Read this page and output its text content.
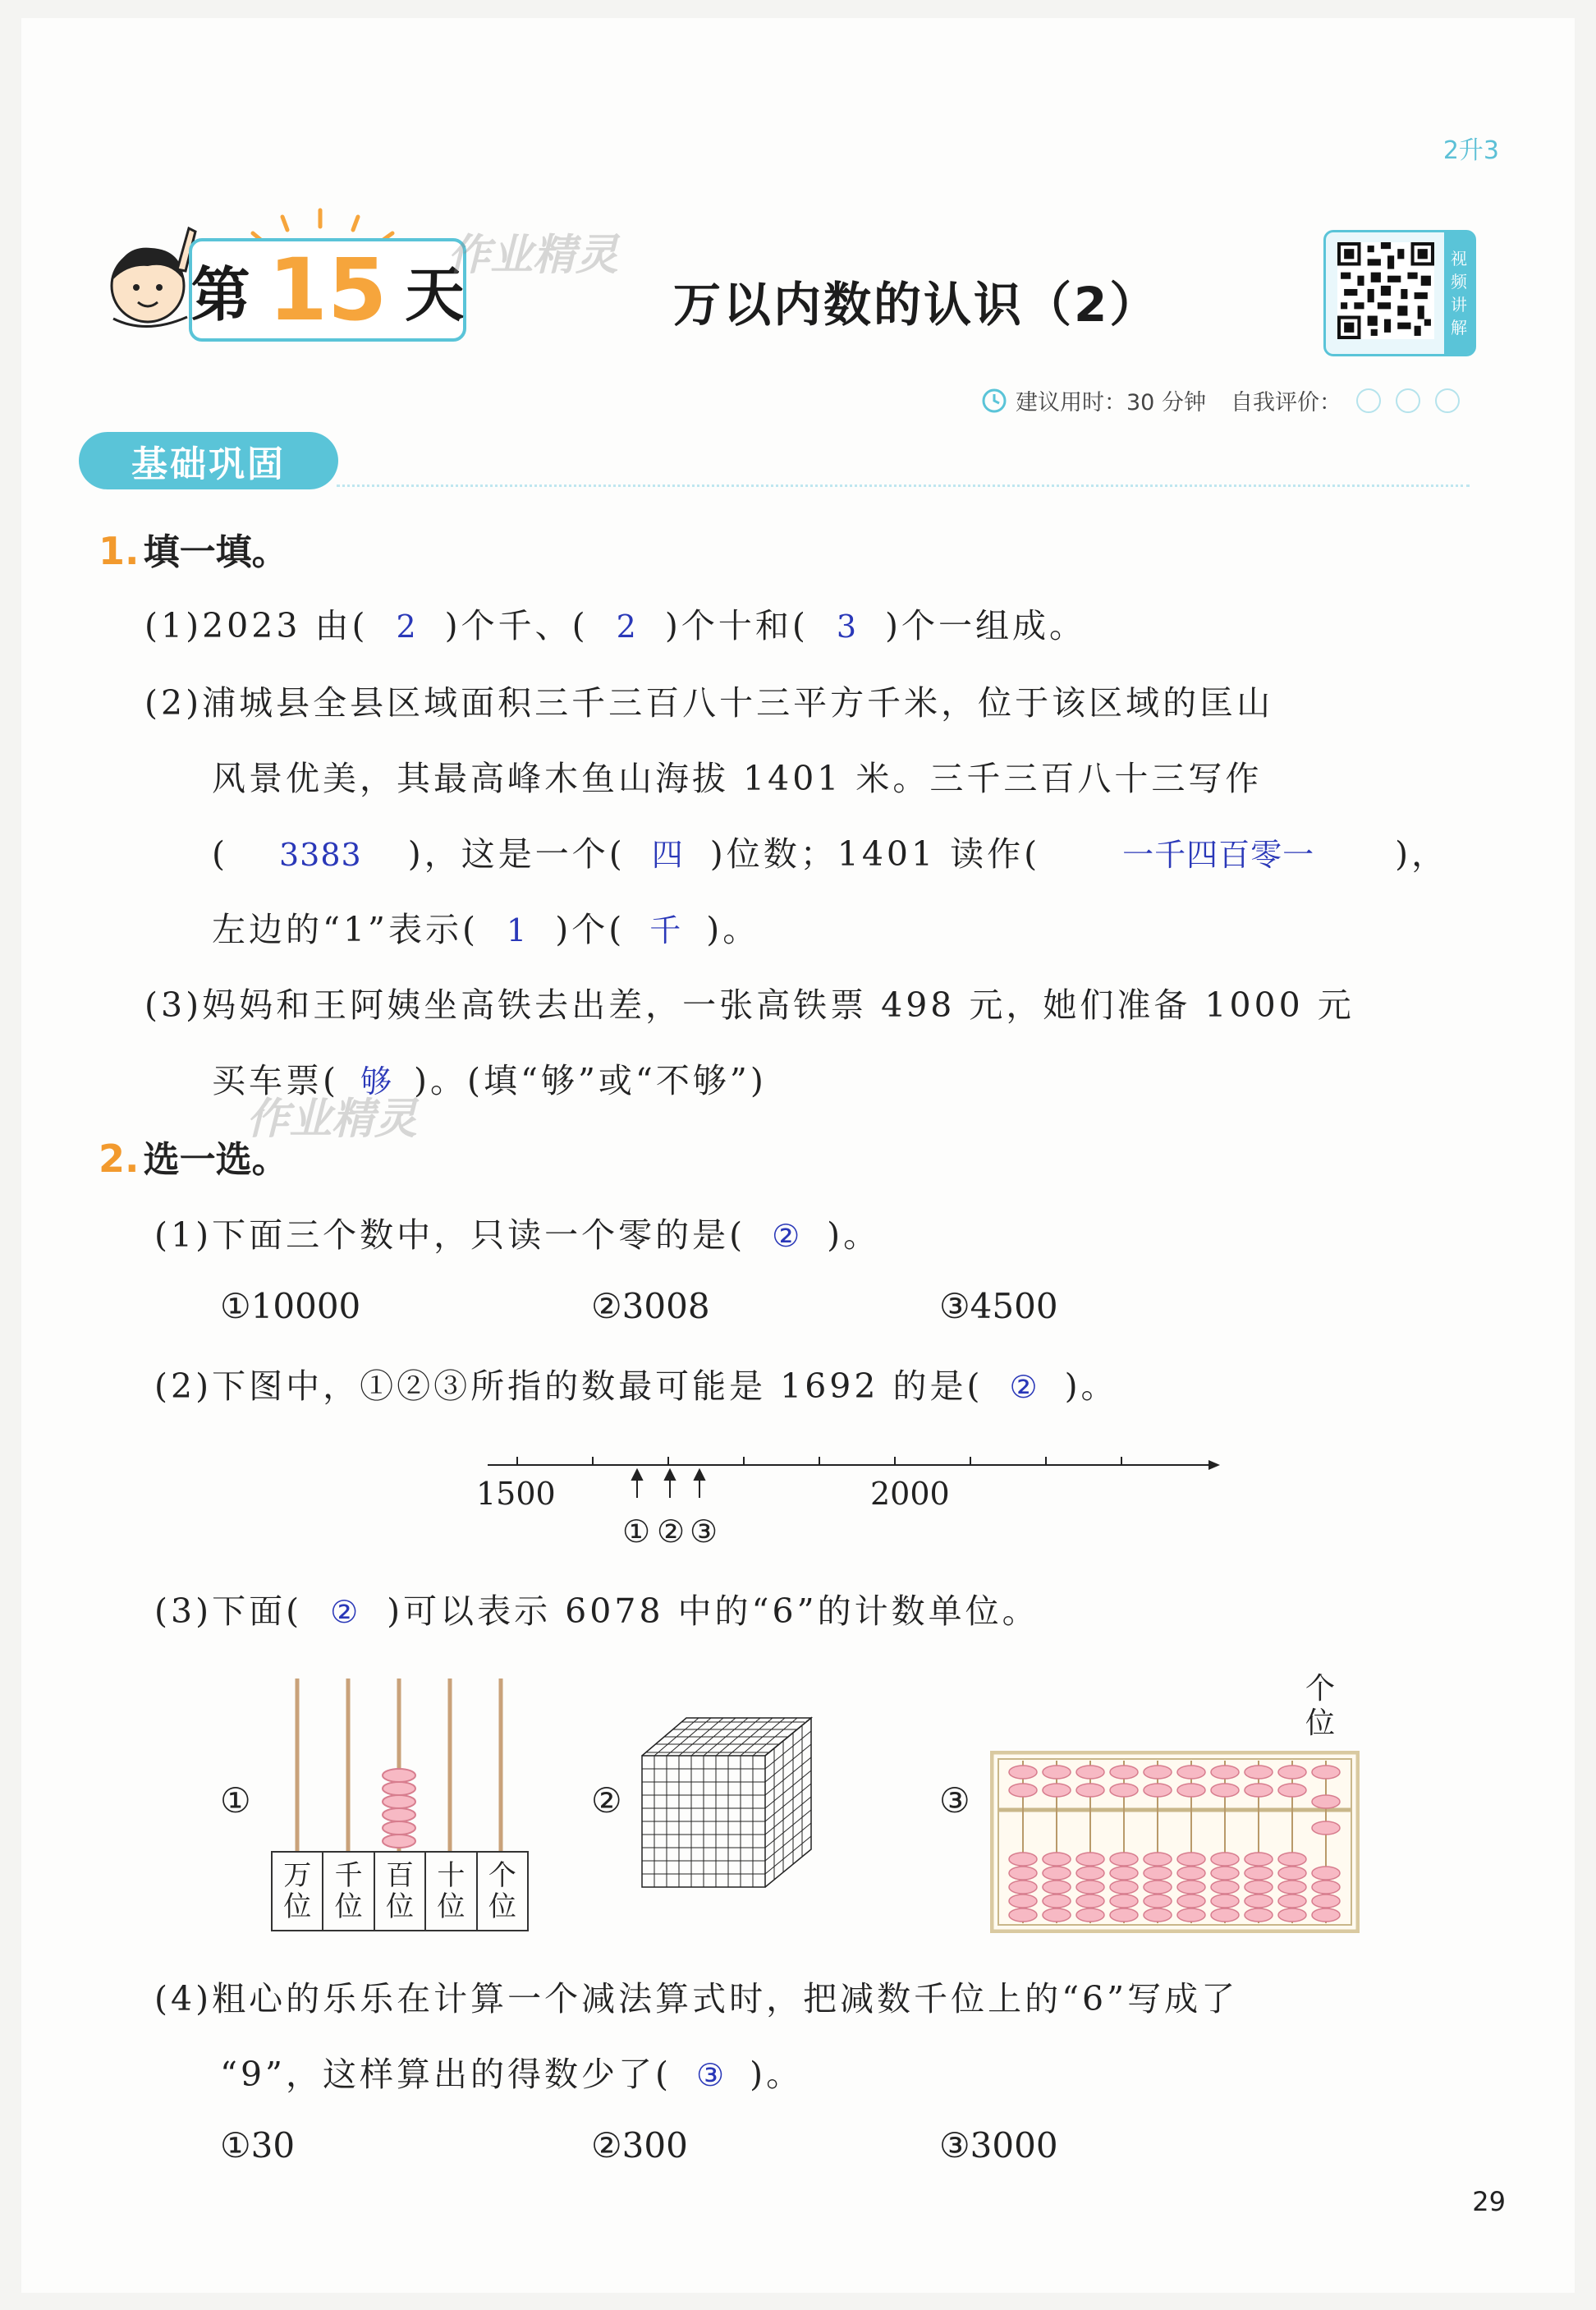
2升3
第 15 天
作业精灵
万以内数的认识（2）
视
频
讲
解
建议用时：30 分钟 自我评价：
基础巩固
1. 填一填。
(1)2023 由( 2 )个千、( 2 )个十和( 3 )个一组成。
(2)浦城县全县区域面积三千三百八十三平方千米，位于该区域的匡山
风景优美，其最高峰木鱼山海拔 1401 米。三千三百八十三写作
( 3383 )，这是一个( 四 )位数；1401 读作(	一千四百零一 )，
左边的“1”表示( 1 )个( 千 )。
(3)妈妈和王阿姨坐高铁去出差，一张高铁票 498 元，她们准备 1000 元
买车票( 够 )。(填“够”或“不够”)
作业精灵
2. 选一选。
(1)下面三个数中，只读一个零的是( ② )。
①10000	②3008	③4500
(2)下图中，①②③所指的数最可能是 1692 的是( ② )。
1500	2000
① ② ③
(3)下面( ② )可以表示 6078 中的“6”的计数单位。
①
万
位
千
位
百
位
十
位
个
位
②	③
个
位
(4)粗心的乐乐在计算一个减法算式时，把减数千位上的“6”写成了
“9”，这样算出的得数少了( ③ )。
①30	②300	③3000
29
